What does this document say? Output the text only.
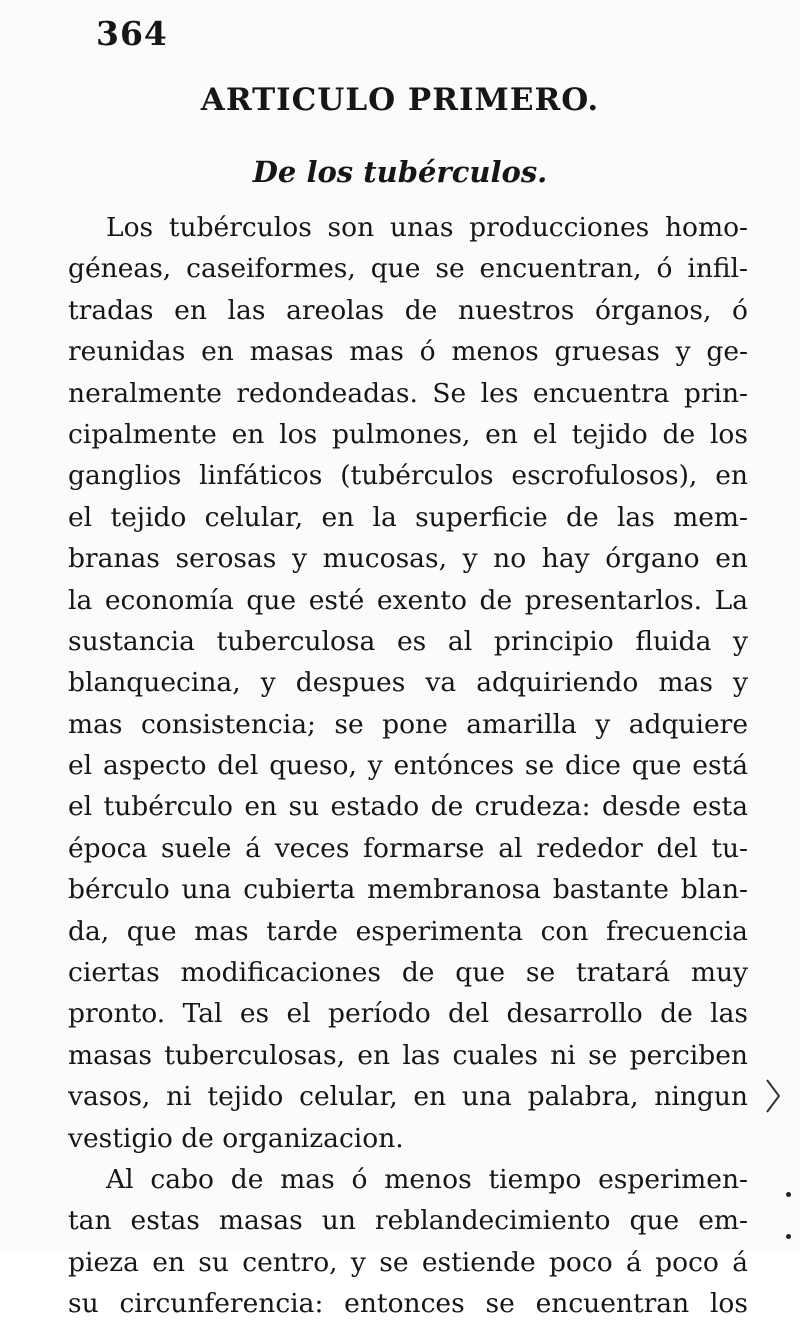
364
ARTICULO PRIMERO.
De los tubérculos.
Los tubérculos son unas producciones homo-
géneas, caseiformes, que se encuentran, ó infil-
tradas en las areolas de nuestros órganos, ó
reunidas en masas mas ó menos gruesas y ge-
neralmente redondeadas. Se les encuentra prin-
cipalmente en los pulmones, en el tejido de los
ganglios linfáticos (tubérculos escrofulosos), en
el tejido celular, en la superficie de las mem-
branas serosas y mucosas, y no hay órgano en
la economía que esté exento de presentarlos. La
sustancia tuberculosa es al principio fluida y
blanquecina, y despues va adquiriendo mas y
mas consistencia; se pone amarilla y adquiere
el aspecto del queso, y entónces se dice que está
el tubérculo en su estado de crudeza: desde esta
época suele á veces formarse al rededor del tu-
bérculo una cubierta membranosa bastante blan-
da, que mas tarde esperimenta con frecuencia
ciertas modificaciones de que se tratará muy
pronto. Tal es el período del desarrollo de las
masas tuberculosas, en las cuales ni se perciben
vasos, ni tejido celular, en una palabra, ningun
vestigio de organizacion.
Al cabo de mas ó menos tiempo esperimen-
tan estas masas un reblandecimiento que em-
pieza en su centro, y se estiende poco á poco á
su circunferencia: entonces se encuentran los
